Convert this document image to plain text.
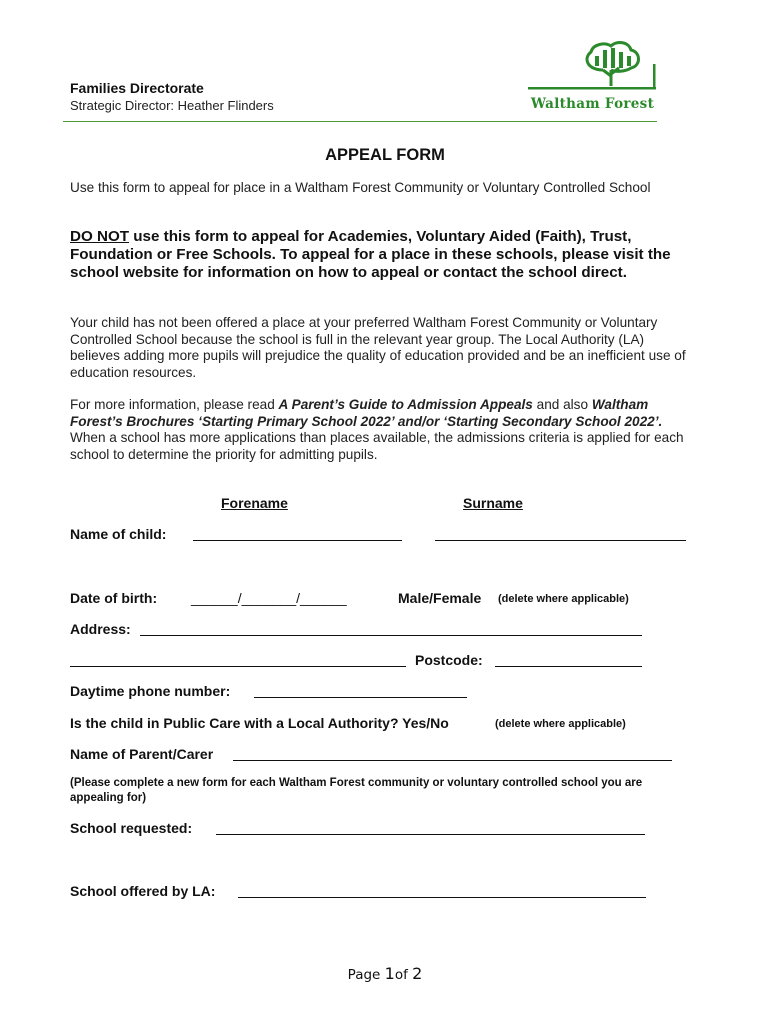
Families Directorate
Strategic Director: Heather Flinders	Waltham Forest
APPEAL FORM
Use this form to appeal for place in a Waltham Forest Community or Voluntary Controlled School
DO NOT use this form to appeal for Academies, Voluntary Aided (Faith), Trust, Foundation or Free Schools. To appeal for a place in these schools, please visit the school website for information on how to appeal or contact the school direct.
Your child has not been offered a place at your preferred Waltham Forest Community or Voluntary Controlled School because the school is full in the relevant year group. The Local Authority (LA) believes adding more pupils will prejudice the quality of education provided and be an inefficient use of education resources.
For more information, please read A Parent’s Guide to Admission Appeals and also Waltham Forest’s Brochures ‘Starting Primary School 2022’ and/or ‘Starting Secondary School 2022’. When a school has more applications than places available, the admissions criteria is applied for each school to determine the priority for admitting pupils.
Forename	Surname
Name of child:
Date of birth: ______/_______/______	Male/Female (delete where applicable)
Address:
Postcode:
Daytime phone number:
Is the child in Public Care with a Local Authority? Yes/No	(delete where applicable)
Name of Parent/Carer
(Please complete a new form for each Waltham Forest community or voluntary controlled school you are appealing for)
School requested:
School offered by LA:
Page 1of 2
